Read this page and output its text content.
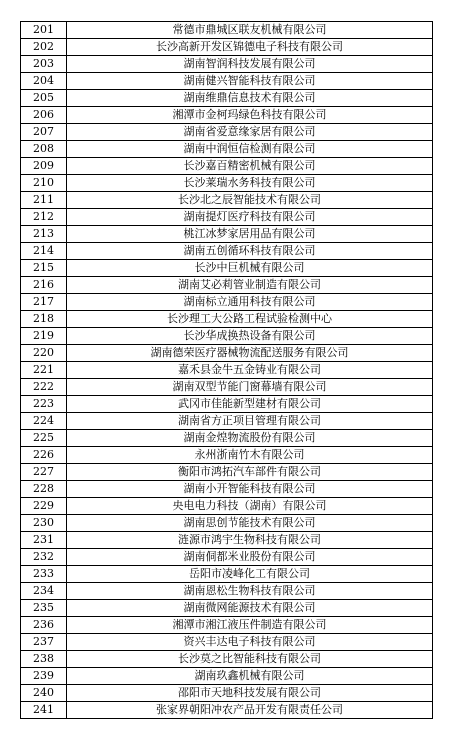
201	常德市鼎城区联友机械有限公司
202	长沙高新开发区锦德电子科技有限公司
203	湖南智润科技发展有限公司
204	湖南健兴智能科技有限公司
205	湖南维鼎信息技术有限公司
206	湘潭市金柯玛绿色科技有限公司
207	湖南省爱意缘家居有限公司
208	湖南中润恒信检测有限公司
209	长沙嘉百精密机械有限公司
210	长沙莱瑞水务科技有限公司
211	长沙北之辰智能技术有限公司
212	湖南提灯医疗科技有限公司
213	桃江冰梦家居用品有限公司
214	湖南五创循环科技有限公司
215	长沙中巨机械有限公司
216	湖南艾必莉管业制造有限公司
217	湖南标立通用科技有限公司
218	长沙理工大公路工程试验检测中心
219	长沙华成换热设备有限公司
220	湖南德荣医疗器械物流配送服务有限公司
221	嘉禾县金牛五金铸业有限公司
222	湖南双型节能门窗幕墙有限公司
223	武冈市佳能新型建材有限公司
224	湖南省方正项目管理有限公司
225	湖南金煌物流股份有限公司
226	永州浙南竹木有限公司
227	衡阳市鸿拓汽车部件有限公司
228	湖南小开智能科技有限公司
229	央电电力科技（湖南）有限公司
230	湖南思创节能技术有限公司
231	涟源市鸿宇生物科技有限公司
232	湖南侗都米业股份有限公司
233	岳阳市凌峰化工有限公司
234	湖南恩松生物科技有限公司
235	湖南微网能源技术有限公司
236	湘潭市湘江液压件制造有限公司
237	资兴丰达电子科技有限公司
238	长沙莫之比智能科技有限公司
239	湖南玖鑫机械有限公司
240	邵阳市天地科技发展有限公司
241	张家界朝阳冲农产品开发有限责任公司
